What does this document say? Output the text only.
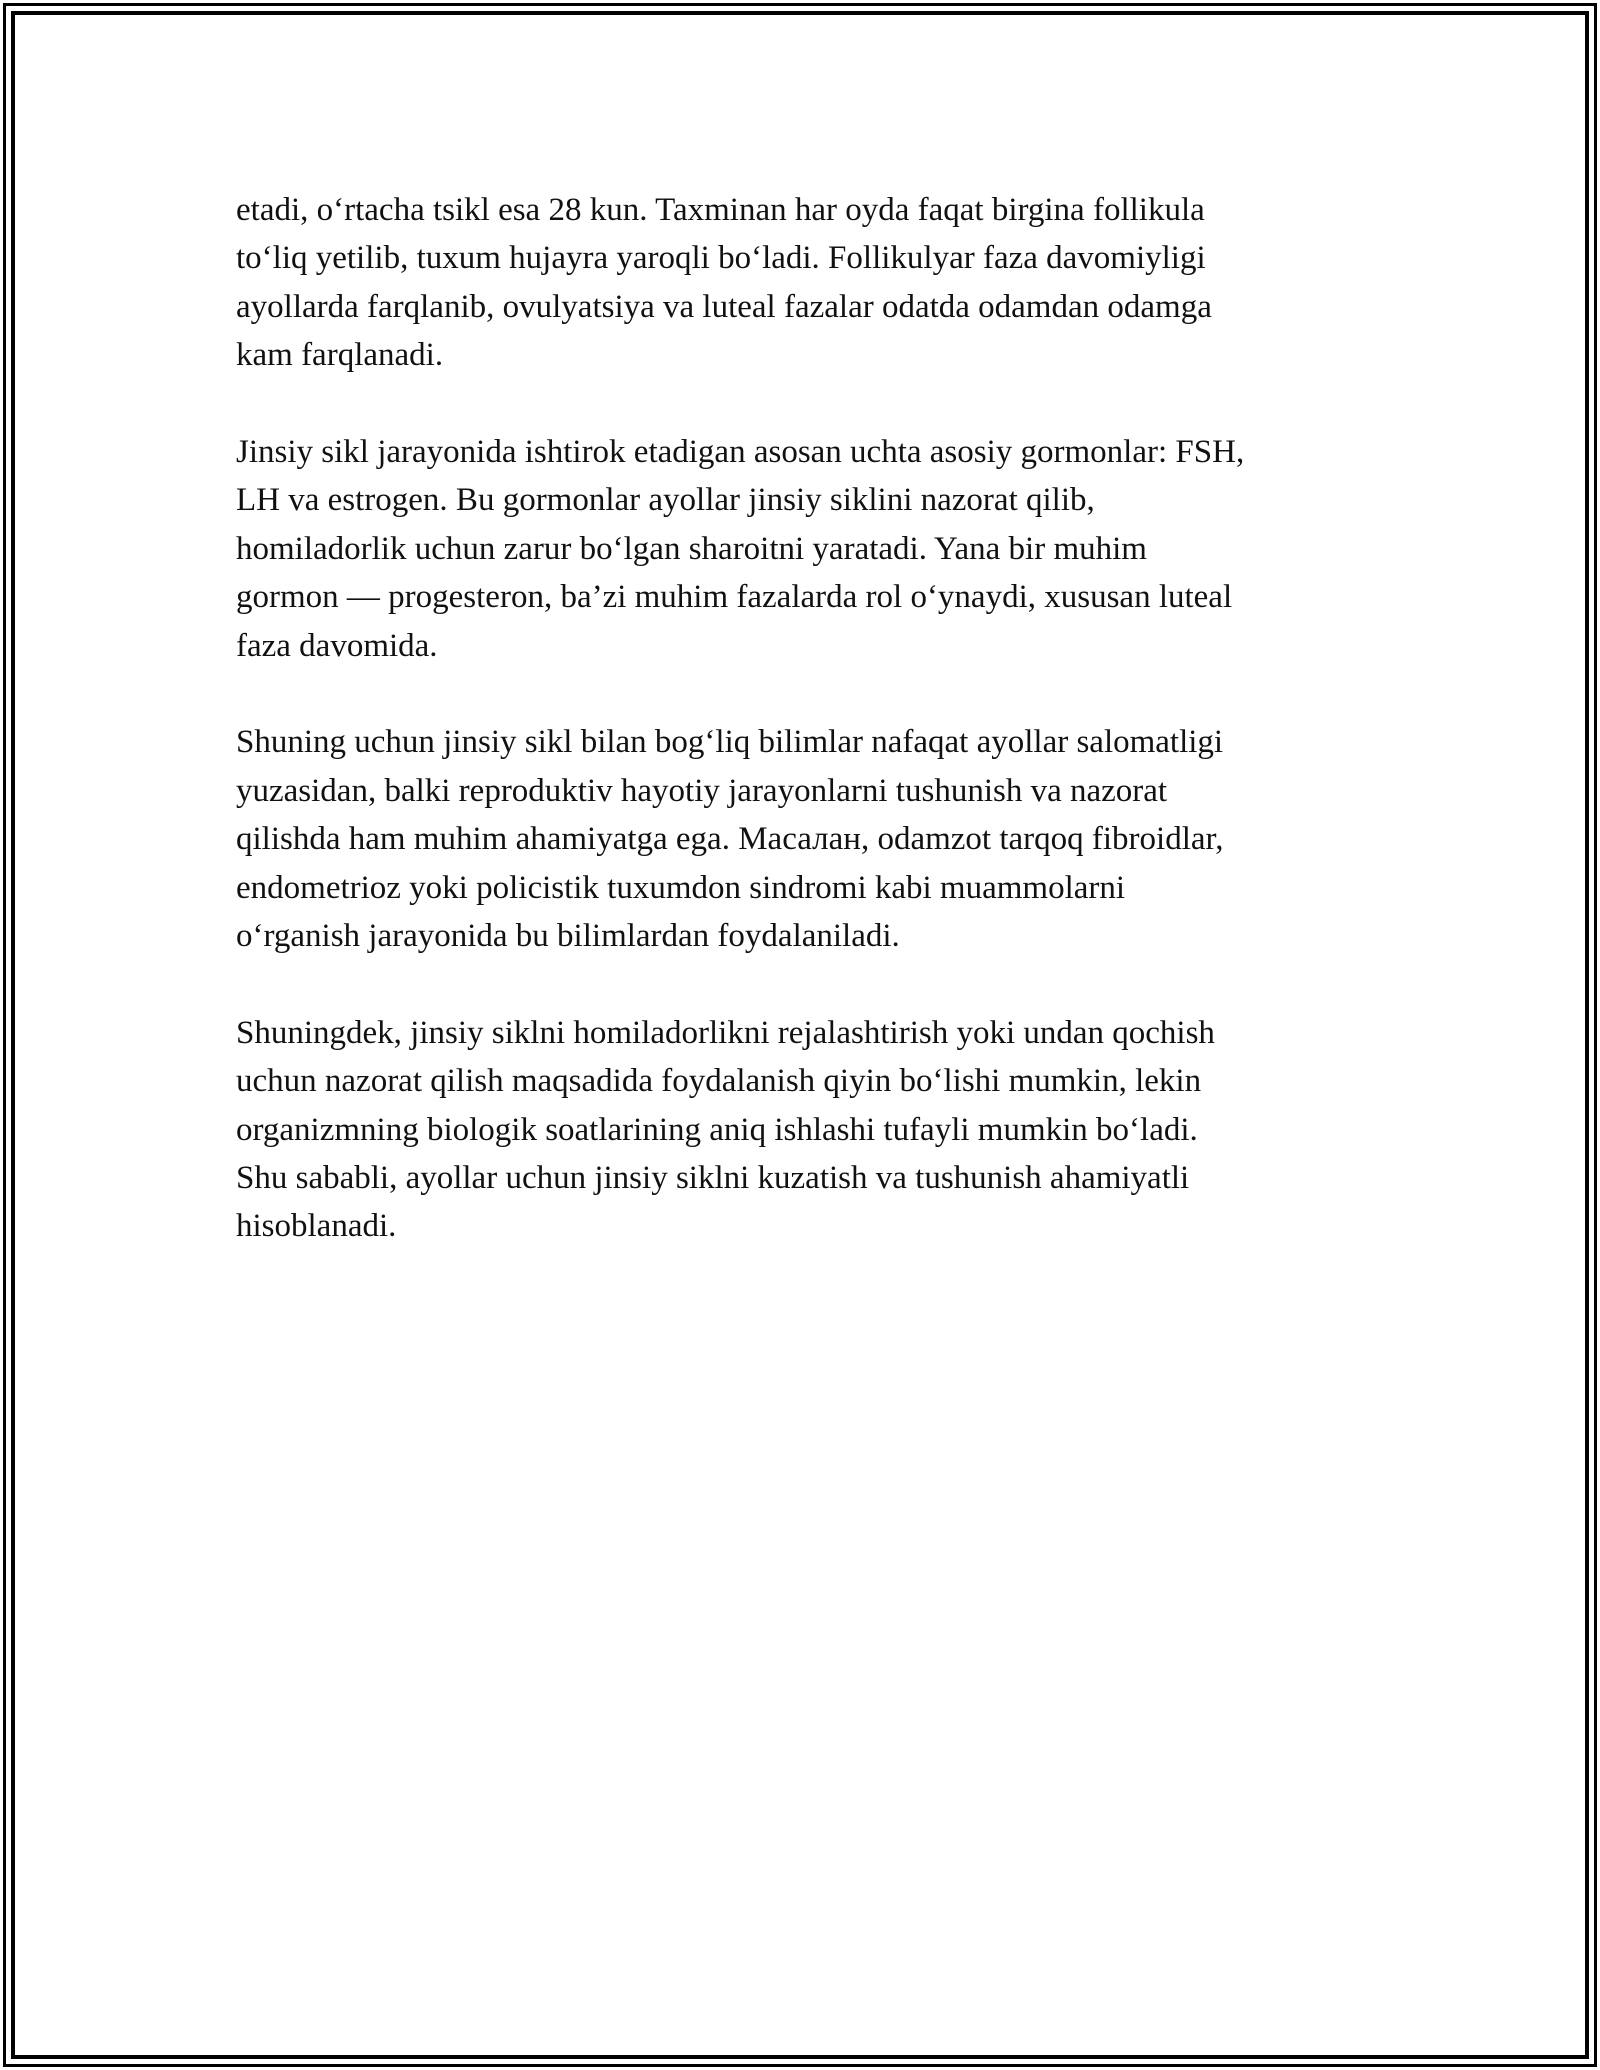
etadi, o‘rtacha tsikl esa 28 kun. Taxminan har oyda faqat birgina follikula
to‘liq yetilib, tuxum hujayra yaroqli bo‘ladi. Follikulyar faza davomiyligi
ayollarda farqlanib, ovulyatsiya va luteal fazalar odatda odamdan odamga
kam farqlanadi.

Jinsiy sikl jarayonida ishtirok etadigan asosan uchta asosiy gormonlar: FSH,
LH va estrogen. Bu gormonlar ayollar jinsiy siklini nazorat qilib,
homiladorlik uchun zarur bo‘lgan sharoitni yaratadi. Yana bir muhim
gormon — progesteron, ba’zi muhim fazalarda rol o‘ynaydi, xususan luteal
faza davomida.

Shuning uchun jinsiy sikl bilan bog‘liq bilimlar nafaqat ayollar salomatligi
yuzasidan, balki reproduktiv hayotiy jarayonlarni tushunish va nazorat
qilishda ham muhim ahamiyatga ega. Масалан, odamzot tarqoq fibroidlar,
endometrioz yoki policistik tuxumdon sindromi kabi muammolarni
o‘rganish jarayonida bu bilimlardan foydalaniladi.

Shuningdek, jinsiy siklni homiladorlikni rejalashtirish yoki undan qochish
uchun nazorat qilish maqsadida foydalanish qiyin bo‘lishi mumkin, lekin
organizmning biologik soatlarining aniq ishlashi tufayli mumkin bo‘ladi.
Shu sababli, ayollar uchun jinsiy siklni kuzatish va tushunish ahamiyatli
hisoblanadi.
